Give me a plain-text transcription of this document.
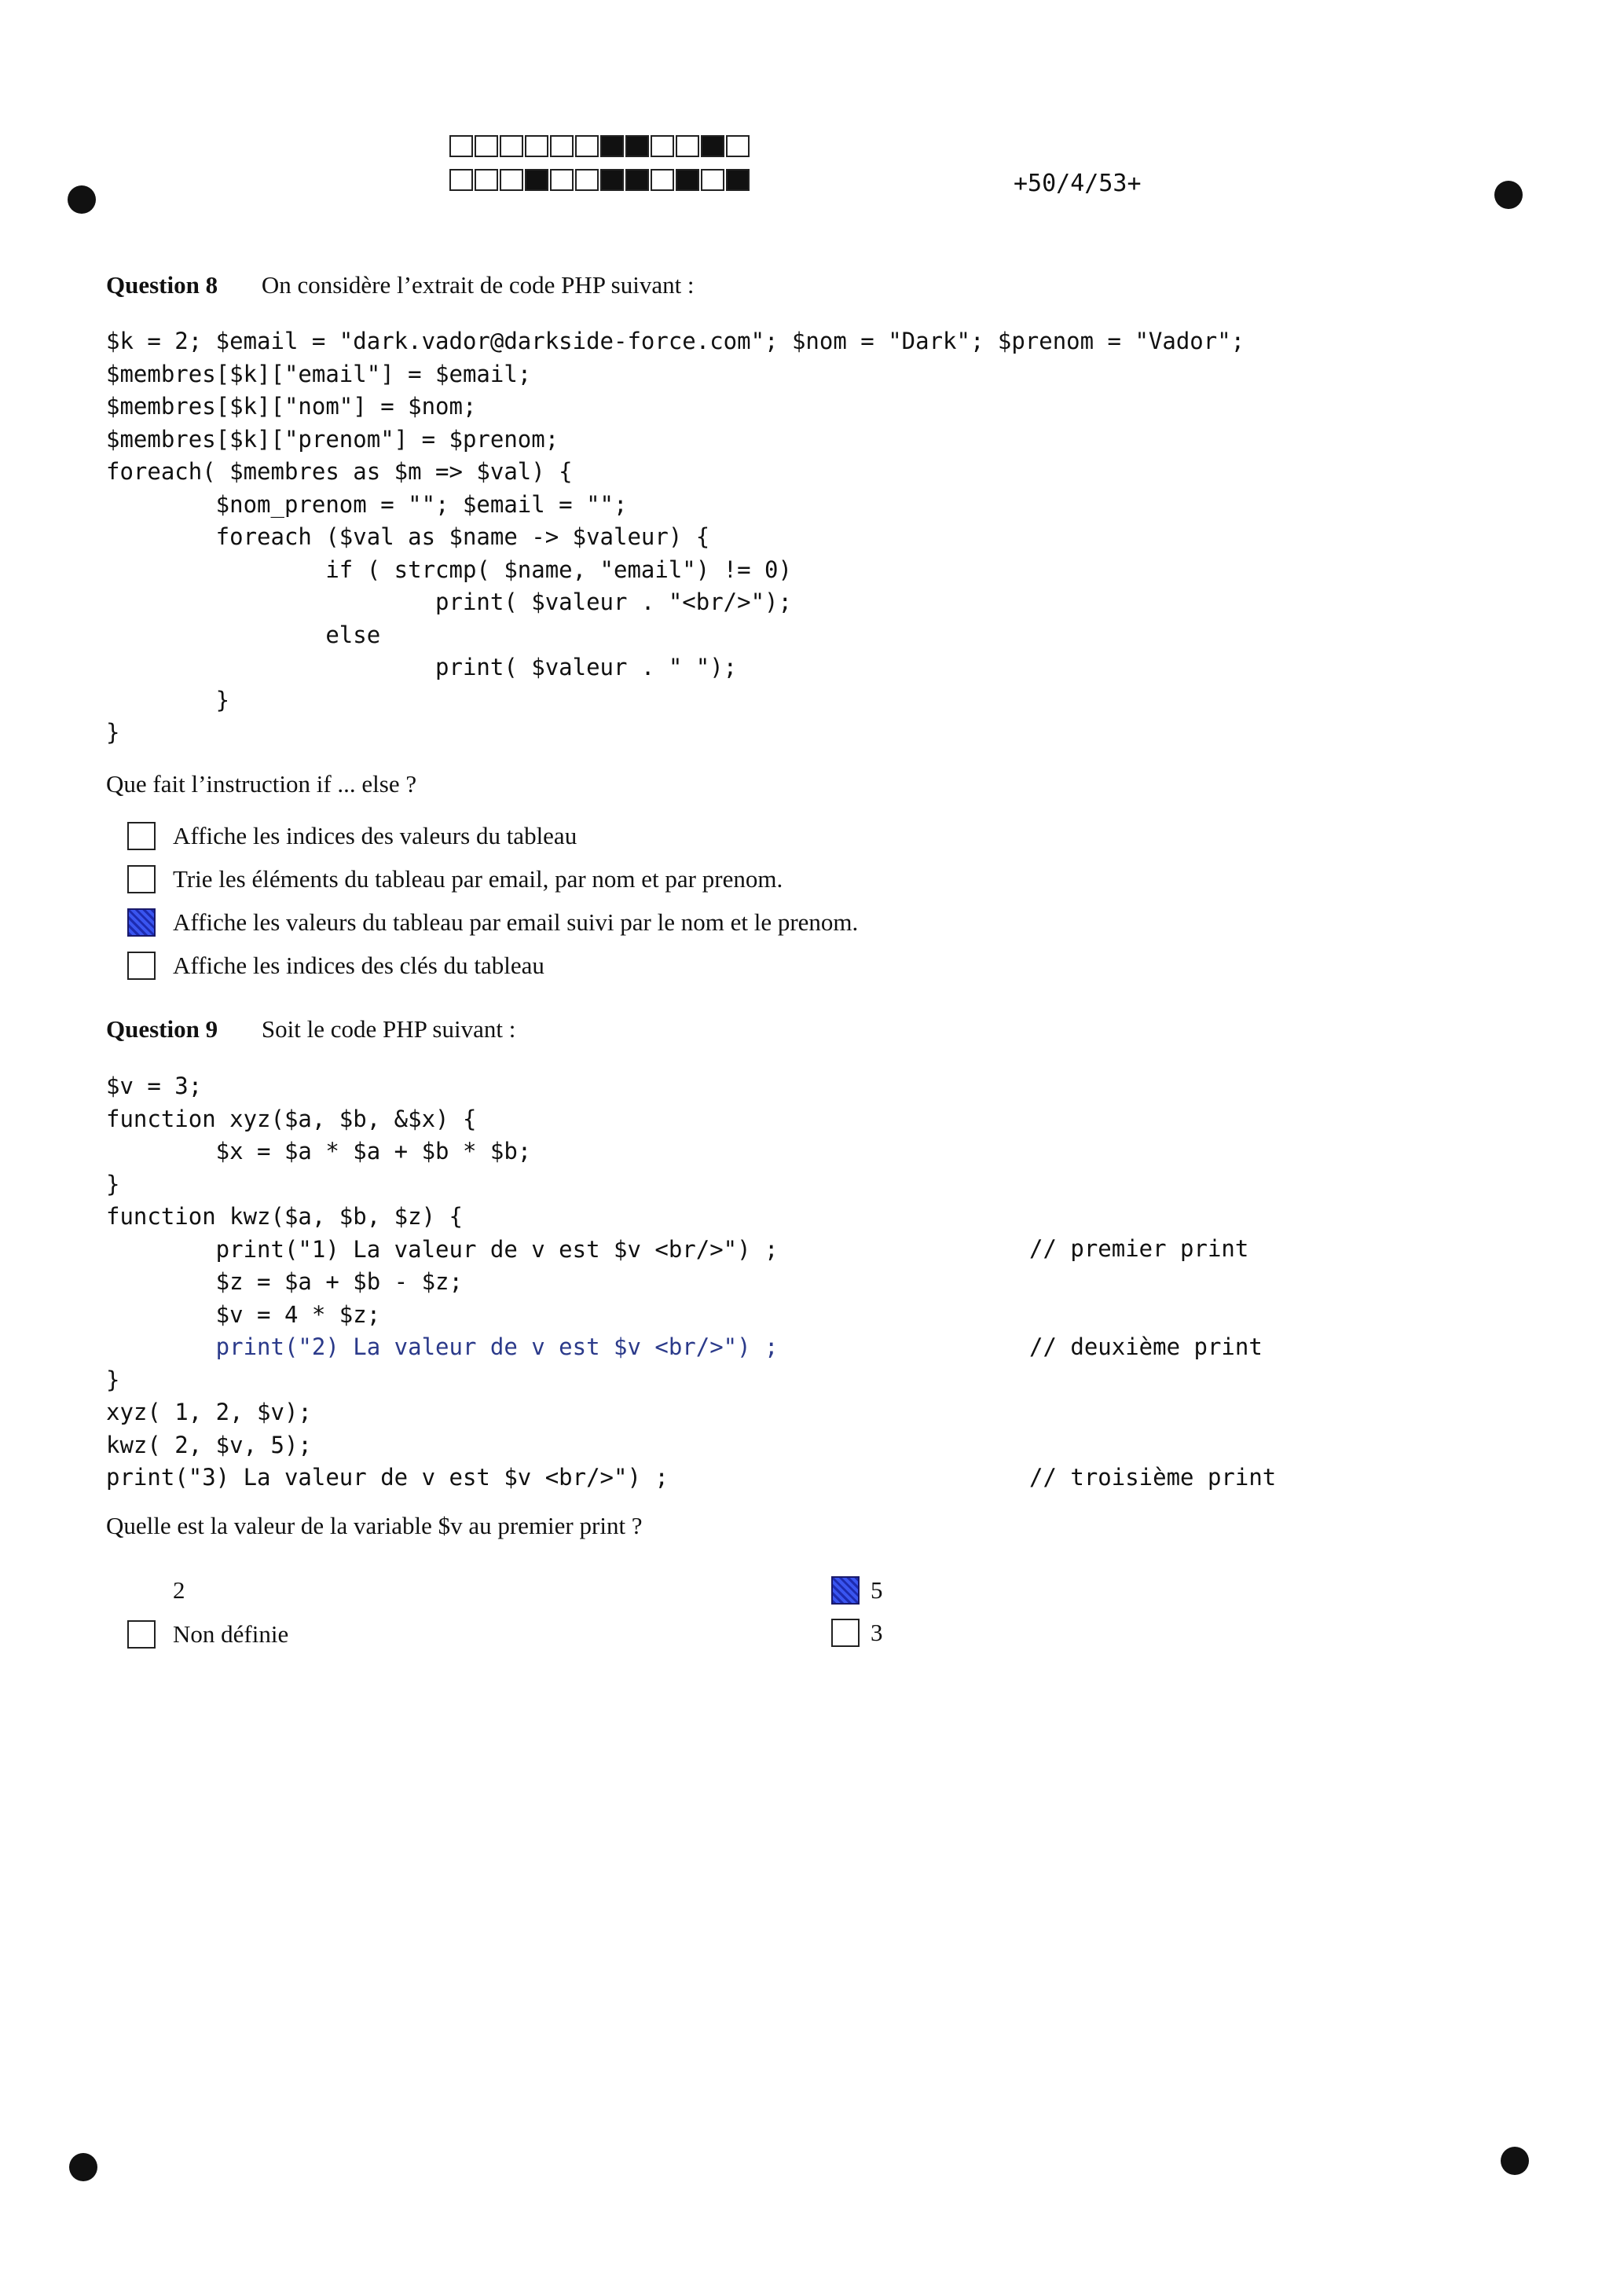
+50/4/53+
Question 8 On considère l’extrait de code PHP suivant :
$k = 2; $email = "dark.vador@darkside-force.com"; $nom = "Dark"; $prenom = "Vador";
$membres[$k]["email"] = $email;
$membres[$k]["nom"] = $nom;
$membres[$k]["prenom"] = $prenom;
foreach( $membres as $m => $val) {
$nom_prenom = ""; $email = "";
foreach ($val as $name -> $valeur) {
if ( strcmp( $name, "email") != 0)
print( $valeur . "<br/>");
else
print( $valeur . " ");
}
}
Que fait l’instruction if ... else ?
Affiche les indices des valeurs du tableau
Trie les éléments du tableau par email, par nom et par prenom.
Affiche les valeurs du tableau par email suivi par le nom et le prenom.
Affiche les indices des clés du tableau
Question 9 Soit le code PHP suivant :
$v = 3;
function xyz($a, $b, &$x) {
$x = $a * $a + $b * $b;
}
function kwz($a, $b, $z) {
print("1) La valeur de v est $v <br/>") ;
$z = $a + $b - $z;
$v = 4 * $z;
print("2) La valeur de v est $v <br/>") ;
}
xyz( 1, 2, $v);
kwz( 2, $v, 5);
print("3) La valeur de v est $v <br/>") ;
// premier print
// deuxième print
// troisième print
Quelle est la valeur de la variable $v au premier print ?
2	5
Non définie	3
